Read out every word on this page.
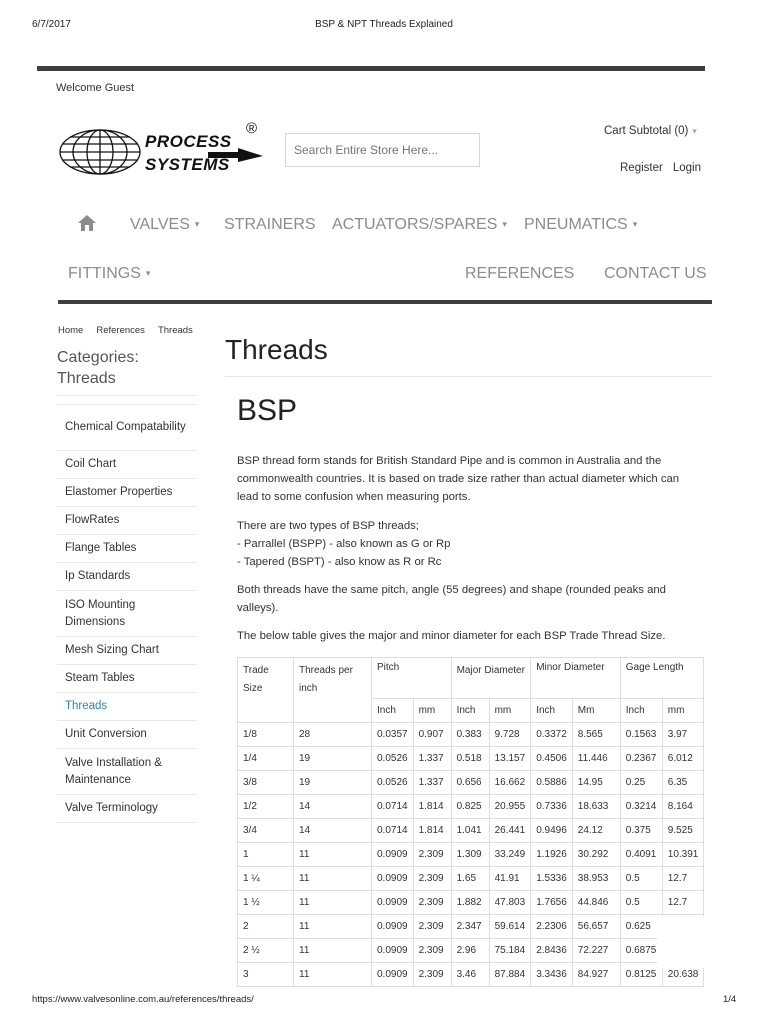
6/7/2017	BSP & NPT Threads Explained
Welcome Guest
PROCESS
SYSTEMS
®
Search Entire Store Here...	Cart Subtotal (0) ▾
Register Login
VALVES ▾ STRAINERS ACTUATORS/SPARES ▾ PNEUMATICS ▾
FITTINGS ▾	REFERENCES CONTACT US
Home References Threads
Categories: Threads
Chemical Compatability
Coil Chart
Elastomer Properties
FlowRates
Flange Tables
Ip Standards
ISO Mounting Dimensions
Mesh Sizing Chart
Steam Tables
Threads
Unit Conversion
Valve Installation & Maintenance
Valve Terminology
Threads
BSP
BSP thread form stands for British Standard Pipe and is common in Australia and the commonwealth countries. It is based on trade size rather than actual diameter which can lead to some confusion when measuring ports.
There are two types of BSP threads;
- Parrallel (BSPP) - also known as G or Rp
- Tapered (BSPT) - also know as R or Rc
Both threads have the same pitch, angle (55 degrees) and shape (rounded peaks and valleys).
The below table gives the major and minor diameter for each BSP Trade Thread Size.
Trade Size	Threads per inch	Pitch		Major Diameter		Minor Diameter		Gage Length	
		Inch	mm	Inch	mm	Inch	Mm	Inch	mm
1/8	28	0.0357	0.907	0.383	9.728	0.3372	8.565	0.1563	3.97
1/4	19	0.0526	1.337	0.518	13.157	0.4506	11.446	0.2367	6.012
3/8	19	0.0526	1.337	0.656	16.662	0.5886	14.95	0.25	6.35
1/2	14	0.0714	1.814	0.825	20.955	0.7336	18.633	0.3214	8.164
3/4	14	0.0714	1.814	1.041	26.441	0.9496	24.12	0.375	9.525
1	11	0.0909	2.309	1.309	33.249	1.1926	30.292	0.4091	10.391
1 ¼	11	0.0909	2.309	1.65	41.91	1.5336	38.953	0.5	12.7
1 ½	11	0.0909	2.309	1.882	47.803	1.7656	44.846	0.5	12.7
2	11	0.0909	2.309	2.347	59.614	2.2306	56.657	0.625	
2 ½	11	0.0909	2.309	2.96	75.184	2.8436	72.227	0.6875	
3	11	0.0909	2.309	3.46	87.884	3.3436	84.927	0.8125	20.638
https://www.valvesonline.com.au/references/threads/	1/4
